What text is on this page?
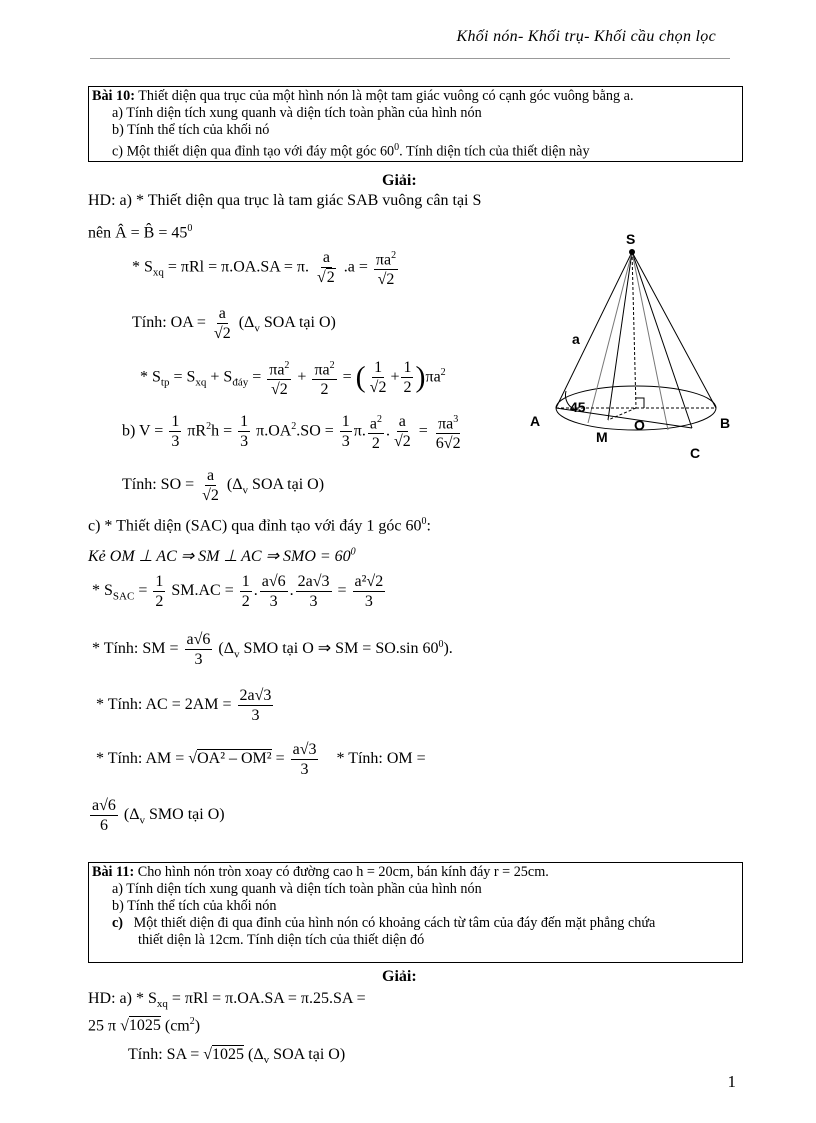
Khối nón- Khối trụ- Khối cầu chọn lọc
Bài 10: Thiết diện qua trục của một hình nón là một tam giác vuông có cạnh góc vuông bằng a.
a) Tính diện tích xung quanh và diện tích toàn phần của hình nón
b) Tính thể tích của khối nó
c) Một thiết diện qua đỉnh tạo với đáy một góc $60^0$. Tính diện tích của thiết diện này
Giải:
HD: a) * Thiết diện qua trục là tam giác SAB vuông cân tại S
nên Â = B̂ = $45^0$
* $S_{xq} = \pi Rl = \pi.OA.SA = \pi$. $\frac{a}{√2} .a = \frac{\pi a^2}{√2}$
Tính: OA = $\frac{a}{√2} (\Delta_v$ SOA tại O)
* $S_{tp} = S_{xq} + S_{đáy} = \frac{\pi a^2}{√2} + \frac{\pi a^2}{2}$ = ( $\frac{1}{√2} + \frac{1}{2} )\pi a^2$
b) $V = \frac{1}{3} \pi R^2h = \frac{1}{3} \pi.OA^2.SO = \frac{1}{3} \pi$. $\frac{a^2}{2}$ . $\frac{a}{√2} = \frac{\pi a^3}{6√2}$
Tính: SO = $\frac{a}{√2} (\Delta_v$ SOA tại O)
c) * Thiết diện (SAC) qua đỉnh tạo với đáy 1 góc $60^0$:
Kẻ OM ⊥ AC ⇒ SM ⊥ AC ⇒ SMO = $60^0$
* $S_{SAC} = \frac{1}{2} SM.AC = \frac{1}{2}$ . $\frac{a√6}{3}$ . $\frac{2a√3}{3} = \frac{\text{a²√2}}{3}$
* Tính: SM = $\frac{a√6}{3} (\Delta_v$ SMO tại O ⇒ SM = SO.sin $60^0$).
* Tính: AC = $2AM = \frac{2a√3}{3}$
* Tính: AM = $√OA^2 - OM^2 = \frac{a√3}{3}$ * Tính: OM =
$\frac{a√6}{6} (\Delta_v$ SMO tại O)
S
a
45
A	O	B
M
C
Bài 11: Cho hình nón tròn xoay có đường cao h = 20cm, bán kính đáy r = 25cm.
a) Tính diện tích xung quanh và diện tích toàn phần của hình nón
b) Tính thể tích của khối nón
c) Một thiết diện đi qua đỉnh của hình nón có khoảng cách từ tâm của đáy đến mặt phẳng chứa
thiết diện là 12cm. Tính diện tích của thiết diện đó
Giải:
HD: $a) * S_{xq} = \pi Rl = \pi.OA.SA = \pi.25.SA$ =
25 π √1025 $(cm^2)$
Tính: SA = √1025 ($\Delta_v$ SOA tại O)
1
